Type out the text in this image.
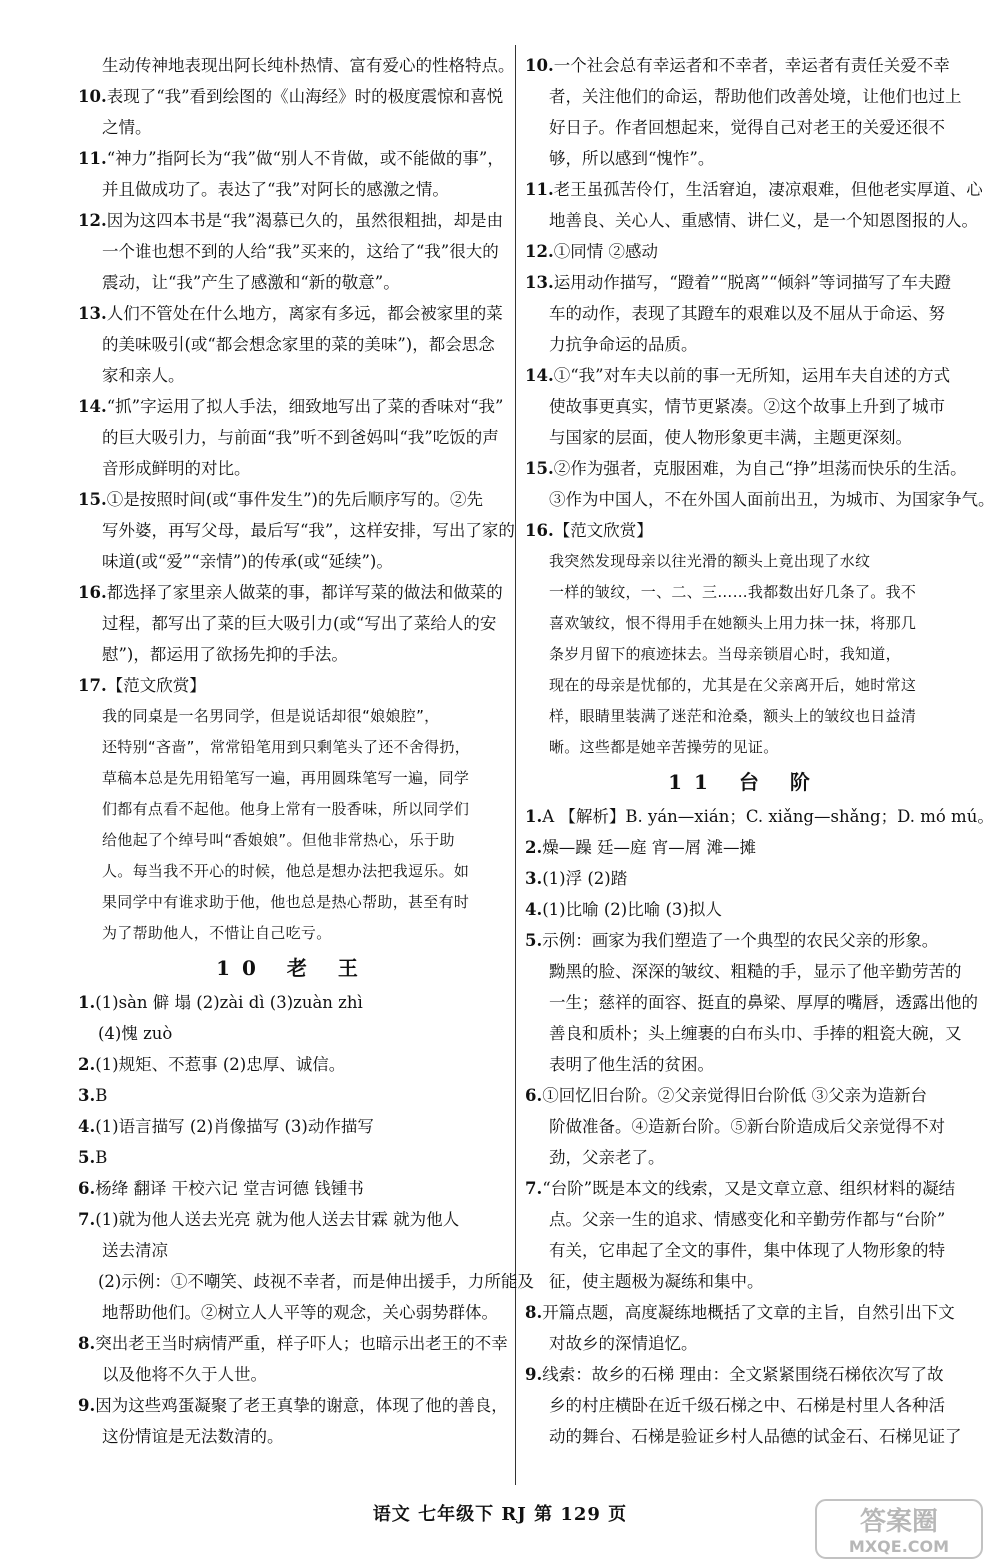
生动传神地表现出阿长纯朴热情、富有爱心的性格特点。
10.表现了“我”看到绘图的《山海经》时的极度震惊和喜悦
之情。
11.“神力”指阿长为“我”做“别人不肯做，或不能做的事”，
并且做成功了。表达了“我”对阿长的感激之情。
12.因为这四本书是“我”渴慕已久的，虽然很粗拙，却是由
一个谁也想不到的人给“我”买来的，这给了“我”很大的
震动，让“我”产生了感激和“新的敬意”。
13.人们不管处在什么地方，离家有多远，都会被家里的菜
的美味吸引(或“都会想念家里的菜的美味”)，都会思念
家和亲人。
14.“抓”字运用了拟人手法，细致地写出了菜的香味对“我”
的巨大吸引力，与前面“我”听不到爸妈叫“我”吃饭的声
音形成鲜明的对比。
15.①是按照时间(或“事件发生”)的先后顺序写的。②先
写外婆，再写父母，最后写“我”，这样安排，写出了家的
味道(或“爱”“亲情”)的传承(或“延续”)。
16.都选择了家里亲人做菜的事，都详写菜的做法和做菜的
过程，都写出了菜的巨大吸引力(或“写出了菜给人的安
慰”)，都运用了欲扬先抑的手法。
17.【范文欣赏】
我的同桌是一名男同学，但是说话却很“娘娘腔”，
还特别“吝啬”，常常铅笔用到只剩笔头了还不舍得扔，
草稿本总是先用铅笔写一遍，再用圆珠笔写一遍，同学
们都有点看不起他。他身上常有一股香味，所以同学们
给他起了个绰号叫“香娘娘”。但他非常热心，乐于助
人。每当我不开心的时候，他总是想办法把我逗乐。如
果同学中有谁求助于他，他也总是热心帮助，甚至有时
为了帮助他人，不惜让自己吃亏。
10 老 王
1.(1)sàn 僻 塌 (2)zài dì (3)zuàn zhì
(4)愧 zuò
2.(1)规矩、不惹事 (2)忠厚、诚信。
3.B
4.(1)语言描写 (2)肖像描写 (3)动作描写
5.B
6.杨绛 翻译 干校六记 堂吉诃德 钱锺书
7.(1)就为他人送去光亮 就为他人送去甘霖 就为他人
送去清凉
(2)示例：①不嘲笑、歧视不幸者，而是伸出援手，力所能及
地帮助他们。②树立人人平等的观念，关心弱势群体。
8.突出老王当时病情严重，样子吓人；也暗示出老王的不幸
以及他将不久于人世。
9.因为这些鸡蛋凝聚了老王真挚的谢意，体现了他的善良，
这份情谊是无法数清的。
10.一个社会总有幸运者和不幸者，幸运者有责任关爱不幸
者，关注他们的命运，帮助他们改善处境，让他们也过上
好日子。作者回想起来，觉得自己对老王的关爱还很不
够，所以感到“愧怍”。
11.老王虽孤苦伶仃，生活窘迫，凄凉艰难，但他老实厚道、心
地善良、关心人、重感情、讲仁义，是一个知恩图报的人。
12.①同情 ②感动
13.运用动作描写，“蹬着”“脱离”“倾斜”等词描写了车夫蹬
车的动作，表现了其蹬车的艰难以及不屈从于命运、努
力抗争命运的品质。
14.①“我”对车夫以前的事一无所知，运用车夫自述的方式
使故事更真实，情节更紧凑。②这个故事上升到了城市
与国家的层面，使人物形象更丰满，主题更深刻。
15.②作为强者，克服困难，为自己“挣”坦荡而快乐的生活。
③作为中国人，不在外国人面前出丑，为城市、为国家争气。
16.【范文欣赏】
我突然发现母亲以往光滑的额头上竟出现了水纹
一样的皱纹，一、二、三……我都数出好几条了。我不
喜欢皱纹，恨不得用手在她额头上用力抹一抹，将那几
条岁月留下的痕迹抹去。当母亲锁眉心时，我知道，
现在的母亲是忧郁的，尤其是在父亲离开后，她时常这
样，眼睛里装满了迷茫和沧桑，额头上的皱纹也日益清
晰。这些都是她辛苦操劳的见证。
11 台 阶
1.A 【解析】B. yán—xián；C. xiǎng—shǎng；D. mó mú。
2.燥—躁 廷—庭 宵—屑 滩—摊
3.(1)浮 (2)踏
4.(1)比喻 (2)比喻 (3)拟人
5.示例：画家为我们塑造了一个典型的农民父亲的形象。
黝黑的脸、深深的皱纹、粗糙的手，显示了他辛勤劳苦的
一生；慈祥的面容、挺直的鼻梁、厚厚的嘴唇，透露出他的
善良和质朴；头上缠裹的白布头巾、手捧的粗瓷大碗，又
表明了他生活的贫困。
6.①回忆旧台阶。②父亲觉得旧台阶低 ③父亲为造新台
阶做准备。④造新台阶。⑤新台阶造成后父亲觉得不对
劲，父亲老了。
7.“台阶”既是本文的线索，又是文章立意、组织材料的凝结
点。父亲一生的追求、情感变化和辛勤劳作都与“台阶”
有关，它串起了全文的事件，集中体现了人物形象的特
征，使主题极为凝练和集中。
8.开篇点题，高度凝练地概括了文章的主旨，自然引出下文
对故乡的深情追忆。
9.线索：故乡的石梯 理由：全文紧紧围绕石梯依次写了故
乡的村庄横卧在近千级石梯之中、石梯是村里人各种活
动的舞台、石梯是验证乡村人品德的试金石、石梯见证了
语文 七年级下 RJ 第 129 页	答案圈
MXQE.COM
